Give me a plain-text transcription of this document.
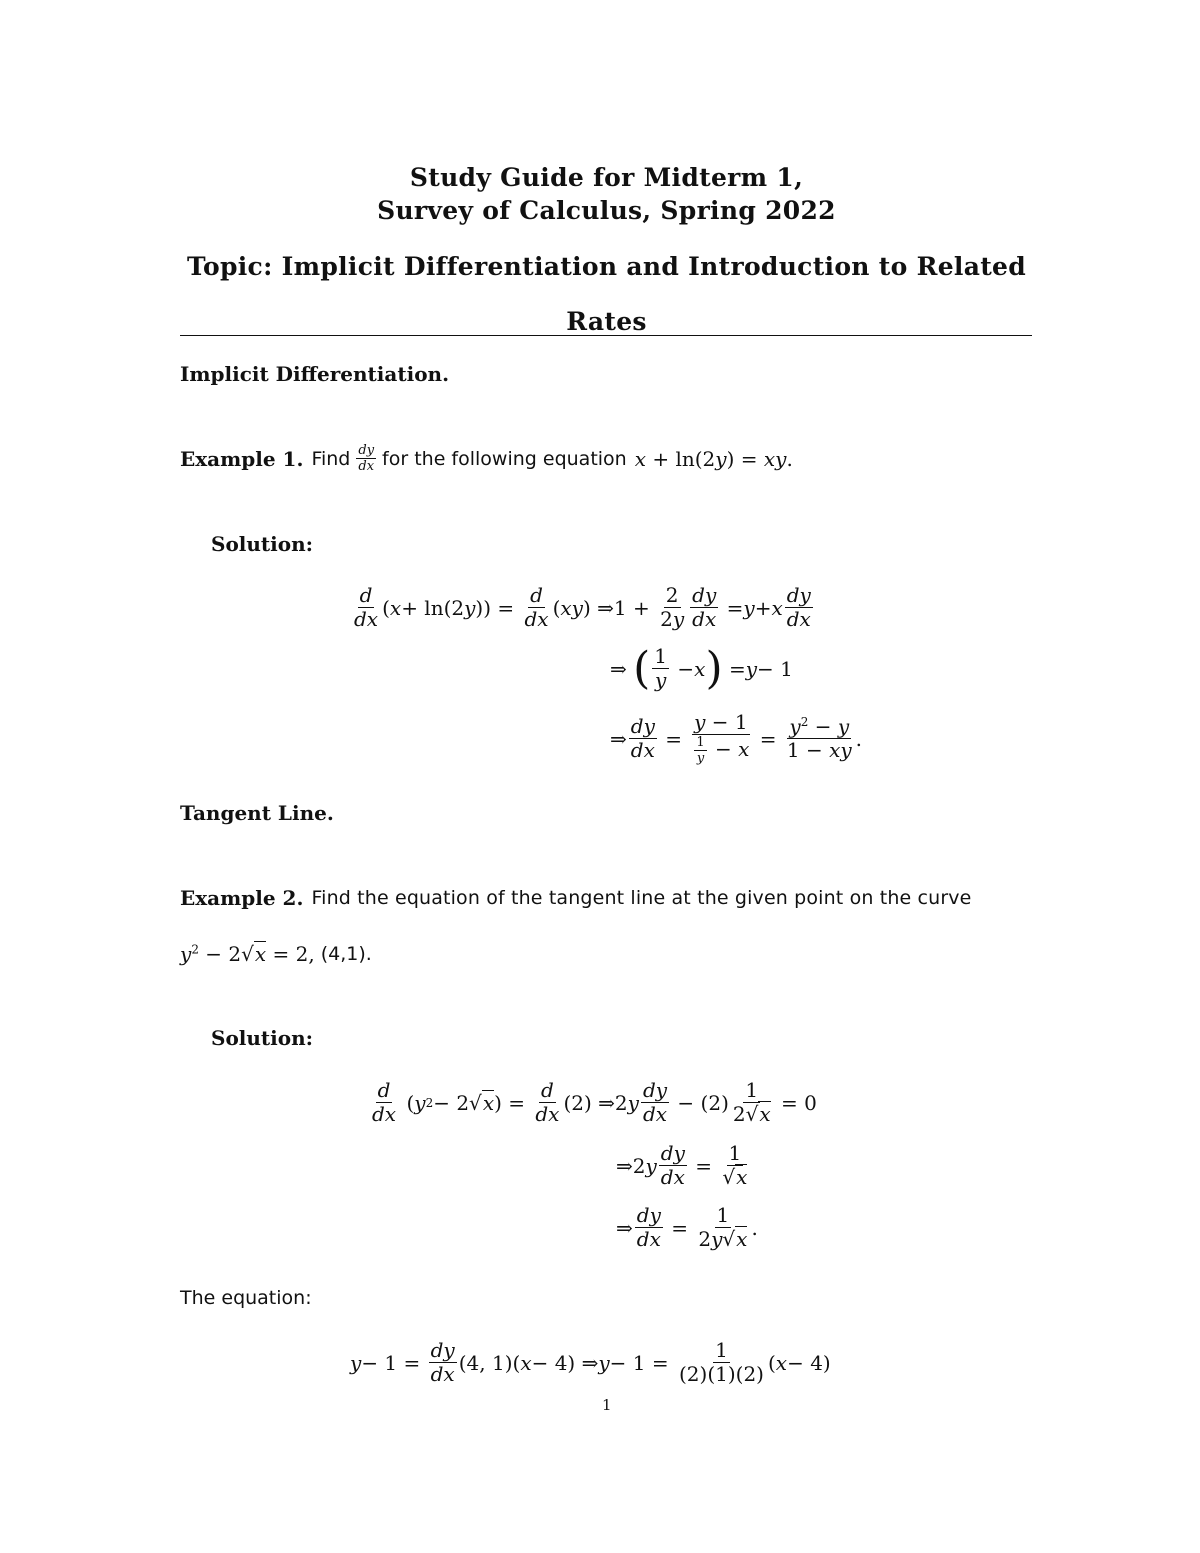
Study Guide for Midterm 1,
Survey of Calculus, Spring 2022
Topic: Implicit Differentiation and Introduction to Related
Rates
Implicit Differentiation.
Example 1. Find dy
dx for the following equation x + ln(2y) = xy.
Solution:
d
dx ( x + ln(2 y )) =
d
dx ( xy ) ⇒1 +
2
2y
dy
dx = y + x
dy
dx
⇒ ( 1
y − x ) = y − 1
⇒
dy
dx =
y − 1
$\frac{1}{y} - x$ =
$y^2 - y$
1 − xy .
Tangent Line.
Example 2. Find the equation of the tangent line at the given point on the curve
$y^2 - 2√x = 2$, (4,1).
Solution:
d
dx ( y 2 − 2√ x ) =
d
dx (2) ⇒2 y
dy
dx − (2)
1
2√x = 0
⇒2 y
dy
dx =
1
√x
⇒
dy
dx =
1
2y√x .
The equation:
y − 1 =
dy
dx (4, 1)( x − 4) ⇒ y − 1 =
1
(2)(1)(2) ( x − 4)
1
